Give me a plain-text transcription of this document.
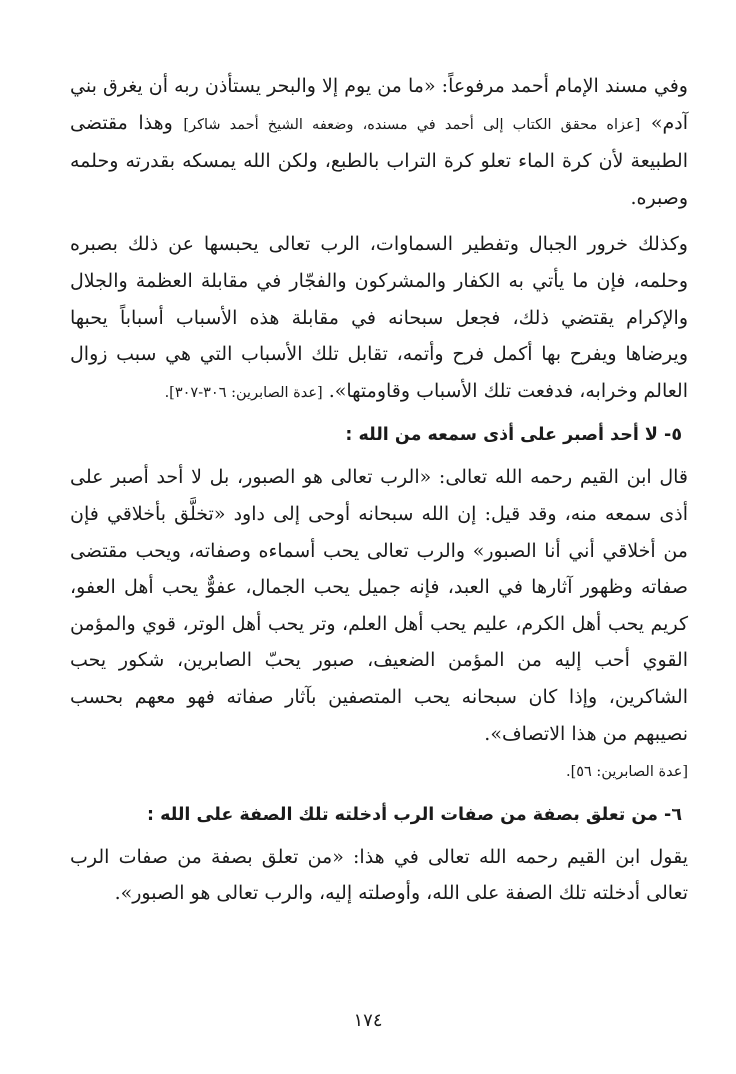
وفي مسند الإمام أحمد مرفوعاً: «ما من يوم إلا والبحر يستأذن ربه أن يغرق بني آدم» [عزاه محقق الكتاب إلى أحمد في مسنده، وضعفه الشيخ أحمد شاكر] وهذا مقتضى الطبيعة لأن كرة الماء تعلو كرة التراب بالطبع، ولكن الله يمسكه بقدرته وحلمه وصبره.

وكذلك خرور الجبال وتفطير السماوات، الرب تعالى يحبسها عن ذلك بصبره وحلمه، فإن ما يأتي به الكفار والمشركون والفجّار في مقابلة العظمة والجلال والإكرام يقتضي ذلك، فجعل سبحانه في مقابلة هذه الأسباب أسباباً يحبها ويرضاها ويفرح بها أكمل فرح وأتمه، تقابل تلك الأسباب التي هي سبب زوال العالم وخرابه، فدفعت تلك الأسباب وقاومتها». [عدة الصابرين: ٣٠٦-٣٠٧].

٥- لا أحد أصبر على أذى سمعه من الله :

قال ابن القيم رحمه الله تعالى: «الرب تعالى هو الصبور، بل لا أحد أصبر على أذى سمعه منه، وقد قيل: إن الله سبحانه أوحى إلى داود «تخلَّق بأخلاقي فإن من أخلاقي أني أنا الصبور» والرب تعالى يحب أسماءه وصفاته، ويحب مقتضى صفاته وظهور آثارها في العبد، فإنه جميل يحب الجمال، عفوٌّ يحب أهل العفو، كريم يحب أهل الكرم، عليم يحب أهل العلم، وتر يحب أهل الوتر، قوي والمؤمن القوي أحب إليه من المؤمن الضعيف، صبور يحبّ الصابرين، شكور يحب الشاكرين، وإذا كان سبحانه يحب المتصفين بآثار صفاته فهو معهم بحسب نصيبهم من هذا الاتصاف».

[عدة الصابرين: ٥٦].

٦- من تعلق بصفة من صفات الرب أدخلته تلك الصفة على الله :

يقول ابن القيم رحمه الله تعالى في هذا: «من تعلق بصفة من صفات الرب تعالى أدخلته تلك الصفة على الله، وأوصلته إليه، والرب تعالى هو الصبور».

١٧٤
